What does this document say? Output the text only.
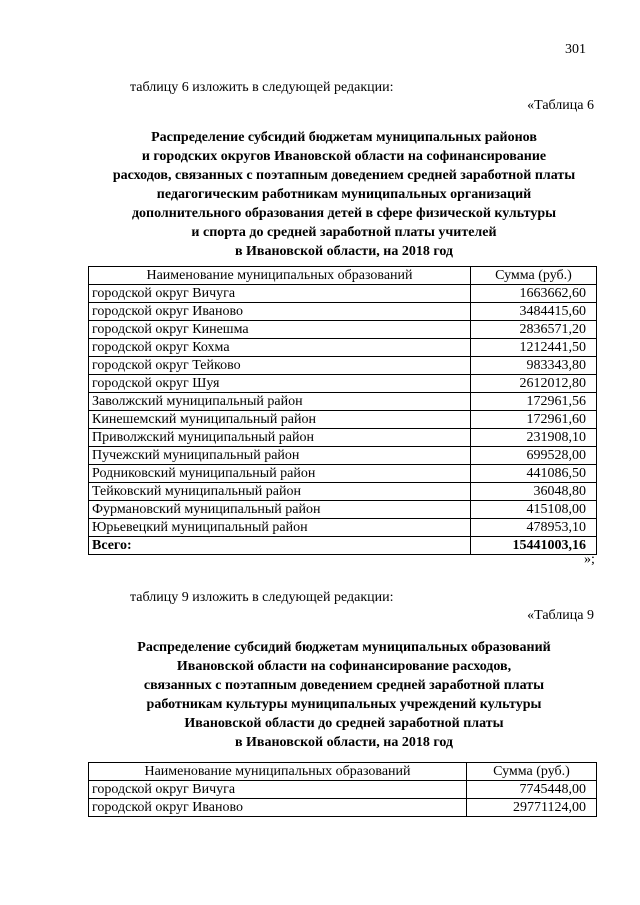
301
таблицу 6 изложить в следующей редакции:
«Таблица 6
Распределение субсидий бюджетам муниципальных районов
и городских округов Ивановской области на софинансирование
расходов, связанных с поэтапным доведением средней заработной платы
педагогическим работникам муниципальных организаций
дополнительного образования детей в сфере физической культуры
и спорта до средней заработной платы учителей
в Ивановской области, на 2018 год
Наименование муниципальных образований	Сумма (руб.)
городской округ Вичуга	1663662,60
городской округ Иваново	3484415,60
городской округ Кинешма	2836571,20
городской округ Кохма	1212441,50
городской округ Тейково	983343,80
городской округ Шуя	2612012,80
Заволжский муниципальный район	172961,56
Кинешемский муниципальный район	172961,60
Приволжский муниципальный район	231908,10
Пучежский муниципальный район	699528,00
Родниковский муниципальный район	441086,50
Тейковский муниципальный район	36048,80
Фурмановский муниципальный район	415108,00
Юрьевецкий муниципальный район	478953,10
Всего:	15441003,16
»;
таблицу 9 изложить в следующей редакции:
«Таблица 9
Распределение субсидий бюджетам муниципальных образований
Ивановской области на софинансирование расходов,
связанных с поэтапным доведением средней заработной платы
работникам культуры муниципальных учреждений культуры
Ивановской области до средней заработной платы
в Ивановской области, на 2018 год
Наименование муниципальных образований	Сумма (руб.)
городской округ Вичуга	7745448,00
городской округ Иваново	29771124,00
